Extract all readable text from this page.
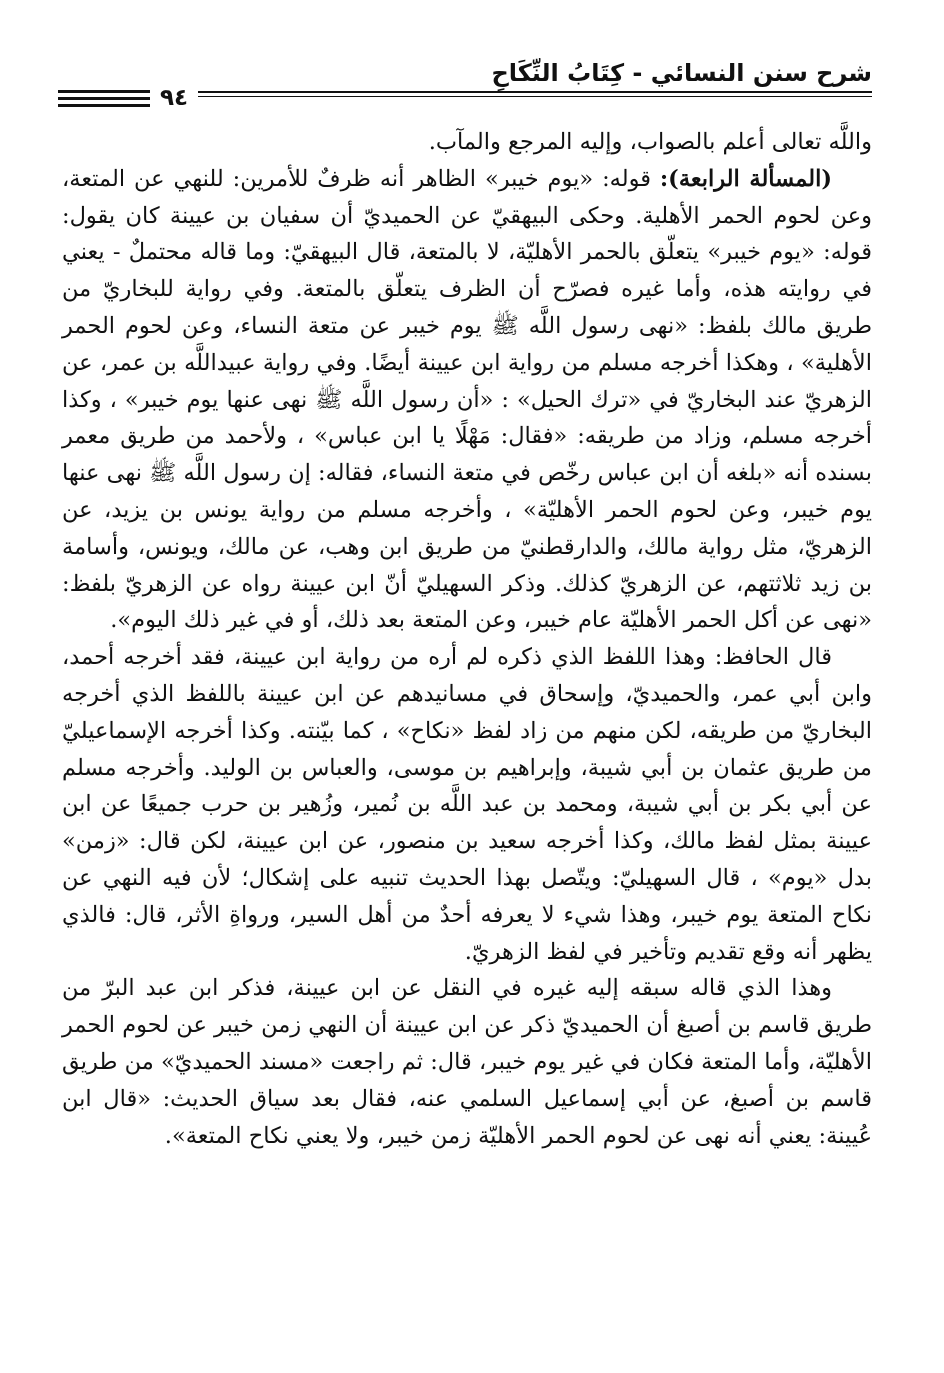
شرح سنن النسائي - كِتَابُ النِّكَاحِ
٩٤

واللَّه تعالى أعلم بالصواب، وإليه المرجع والمآب.

(المسألة الرابعة): قوله: «يوم خيبر» الظاهر أنه ظرفٌ للأمرين: للنهي عن المتعة، وعن لحوم الحمر الأهلية. وحكى البيهقيّ عن الحميديّ أن سفيان بن عيينة كان يقول: قوله: «يوم خيبر» يتعلّق بالحمر الأهليّة، لا بالمتعة، قال البيهقيّ: وما قاله محتملٌ - يعني في روايته هذه، وأما غيره فصرّح أن الظرف يتعلّق بالمتعة. وفي رواية للبخاريّ من طريق مالك بلفظ: «نهى رسول اللَّه ﷺ يوم خيبر عن متعة النساء، وعن لحوم الحمر الأهلية» ، وهكذا أخرجه مسلم من رواية ابن عيينة أيضًا. وفي رواية عبيداللَّه بن عمر، عن الزهريّ عند البخاريّ في «ترك الحيل» : «أن رسول اللَّه ﷺ نهى عنها يوم خيبر» ، وكذا أخرجه مسلم، وزاد من طريقه: «فقال: مَهْلًا يا ابن عباس» ، ولأحمد من طريق معمر بسنده أنه «بلغه أن ابن عباس رخّص في متعة النساء، فقاله: إن رسول اللَّه ﷺ نهى عنها يوم خيبر، وعن لحوم الحمر الأهليّة» ، وأخرجه مسلم من رواية يونس بن يزيد، عن الزهريّ، مثل رواية مالك، والدارقطنيّ من طريق ابن وهب، عن مالك، ويونس، وأسامة بن زيد ثلاثتهم، عن الزهريّ كذلك. وذكر السهيليّ أنّ ابن عيينة رواه عن الزهريّ بلفظ: «نهى عن أكل الحمر الأهليّة عام خيبر، وعن المتعة بعد ذلك، أو في غير ذلك اليوم».

قال الحافظ: وهذا اللفظ الذي ذكره لم أره من رواية ابن عيينة، فقد أخرجه أحمد، وابن أبي عمر، والحميديّ، وإسحاق في مسانيدهم عن ابن عيينة باللفظ الذي أخرجه البخاريّ من طريقه، لكن منهم من زاد لفظ «نكاح» ، كما بيّنته. وكذا أخرجه الإسماعيليّ من طريق عثمان بن أبي شيبة، وإبراهيم بن موسى، والعباس بن الوليد. وأخرجه مسلم عن أبي بكر بن أبي شيبة، ومحمد بن عبد اللَّه بن نُمير، وزُهير بن حرب جميعًا عن ابن عيينة بمثل لفظ مالك، وكذا أخرجه سعيد بن منصور، عن ابن عيينة، لكن قال: «زمن» بدل «يوم» ، قال السهيليّ: ويتّصل بهذا الحديث تنبيه على إشكال؛ لأن فيه النهي عن نكاح المتعة يوم خيبر، وهذا شيء لا يعرفه أحدٌ من أهل السير، ورواةِ الأثر، قال: فالذي يظهر أنه وقع تقديم وتأخير في لفظ الزهريّ.

وهذا الذي قاله سبقه إليه غيره في النقل عن ابن عيينة، فذكر ابن عبد البرّ من طريق قاسم بن أصبغ أن الحميديّ ذكر عن ابن عيينة أن النهي زمن خيبر عن لحوم الحمر الأهليّة، وأما المتعة فكان في غير يوم خيبر، قال: ثم راجعت «مسند الحميديّ» من طريق قاسم بن أصبغ، عن أبي إسماعيل السلمي عنه، فقال بعد سياق الحديث: «قال ابن عُيينة: يعني أنه نهى عن لحوم الحمر الأهليّة زمن خيبر، ولا يعني نكاح المتعة».
